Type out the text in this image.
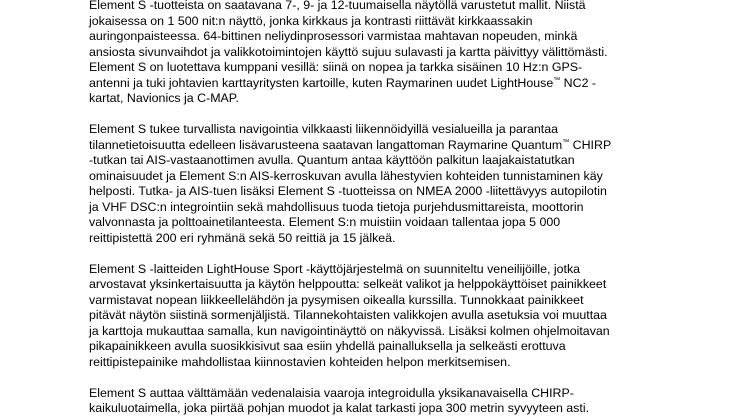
Element S -tuotteista on saatavana 7-, 9- ja 12-tuumaisella näytöllä varustetut mallit. Niistä
jokaisessa on 1 500 nit:n näyttö, jonka kirkkaus ja kontrasti riittävät kirkkaassakin
auringonpaisteessa. 64-bittinen neliydinprosessori varmistaa mahtavan nopeuden, minkä
ansiosta sivunvaihdot ja valikkotoimintojen käyttö sujuu sulavasti ja kartta päivittyy välittömästi.
Element S on luotettava kumppani vesillä: siinä on nopea ja tarkka sisäinen 10 Hz:n GPS-
antenni ja tuki johtavien karttayritysten kartoille, kuten Raymarinen uudet LightHouse™ NC2 -
kartat, Navionics ja C-MAP.

Element S tukee turvallista navigointia vilkkaasti liikennöidyillä vesialueilla ja parantaa
tilannetietoisuutta edelleen lisävarusteena saatavan langattoman Raymarine Quantum™ CHIRP
-tutkan tai AIS-vastaanottimen avulla. Quantum antaa käyttöön palkitun laajakaistatutkan
ominaisuudet ja Element S:n AIS-kerroskuvan avulla lähestyvien kohteiden tunnistaminen käy
helposti. Tutka- ja AIS-tuen lisäksi Element S -tuotteissa on NMEA 2000 -liitettävyys autopilotin
ja VHF DSC:n integrointiin sekä mahdollisuus tuoda tietoja purjehdusmittareista, moottorin
valvonnasta ja polttoainetilanteesta. Element S:n muistiin voidaan tallentaa jopa 5 000
reittipistettä 200 eri ryhmänä sekä 50 reittiä ja 15 jälkeä.

Element S -laitteiden LightHouse Sport -käyttöjärjestelmä on suunniteltu veneilijöille, jotka
arvostavat yksinkertaisuutta ja käytön helppoutta: selkeät valikot ja helppokäyttöiset painikkeet
varmistavat nopean liikkeellelähdön ja pysymisen oikealla kurssilla. Tunnokkaat painikkeet
pitävät näytön siistinä sormenjäljistä. Tilannekohtaisten valikkojen avulla asetuksia voi muuttaa
ja karttoja mukauttaa samalla, kun navigointinäyttö on näkyvissä. Lisäksi kolmen ohjelmoitavan
pikapainikkeen avulla suosikkisivut saa esiin yhdellä painalluksella ja selkeästi erottuva
reittipistepainike mahdollistaa kiinnostavien kohteiden helpon merkitsemisen.

Element S auttaa välttämään vedenalaisia vaaroja integroidulla yksikanavaisella CHIRP-
kaikuluotaimella, joka piirtää pohjan muodot ja kalat tarkasti jopa 300 metrin syvyyteen asti.
